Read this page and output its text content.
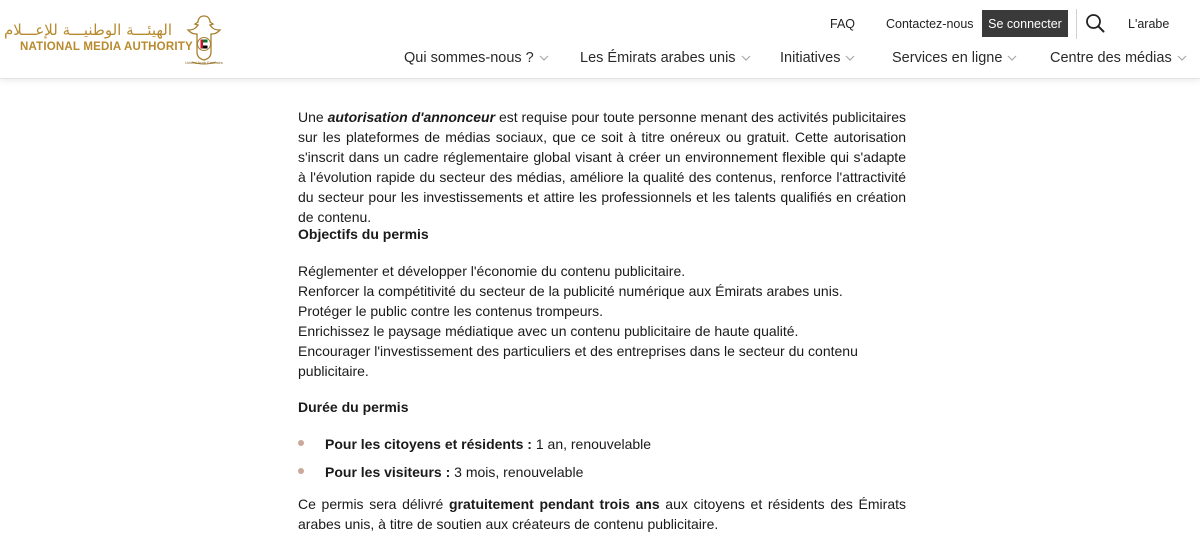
الهيئـــة الوطنيـــة للإعـــلام
NATIONAL MEDIA AUTHORITY
United Arab Emirates
FAQ Contactez-nous	Se connecter	L'arabe
Qui sommes-nous ?	Les Émirats arabes unis	Initiatives	Services en ligne	Centre des médias

Une autorisation d'annonceur est requise pour toute personne menant des activités publicitaires sur les plateformes de médias sociaux, que ce soit à titre onéreux ou gratuit. Cette autorisation s'inscrit dans un cadre réglementaire global visant à créer un environnement flexible qui s'adapte à l'évolution rapide du secteur des médias, améliore la qualité des contenus, renforce l'attractivité du secteur pour les investissements et attire les professionnels et les talents qualifiés en création de contenu.

Objectifs du permis

Réglementer et développer l'économie du contenu publicitaire.

Renforcer la compétitivité du secteur de la publicité numérique aux Émirats arabes unis.

Protéger le public contre les contenus trompeurs.

Enrichissez le paysage médiatique avec un contenu publicitaire de haute qualité.

Encourager l'investissement des particuliers et des entreprises dans le secteur du contenu publicitaire.

Durée du permis

Pour les citoyens et résidents : 1 an, renouvelable
Pour les visiteurs : 3 mois, renouvelable

Ce permis sera délivré gratuitement pendant trois ans aux citoyens et résidents des Émirats arabes unis, à titre de soutien aux créateurs de contenu publicitaire.
